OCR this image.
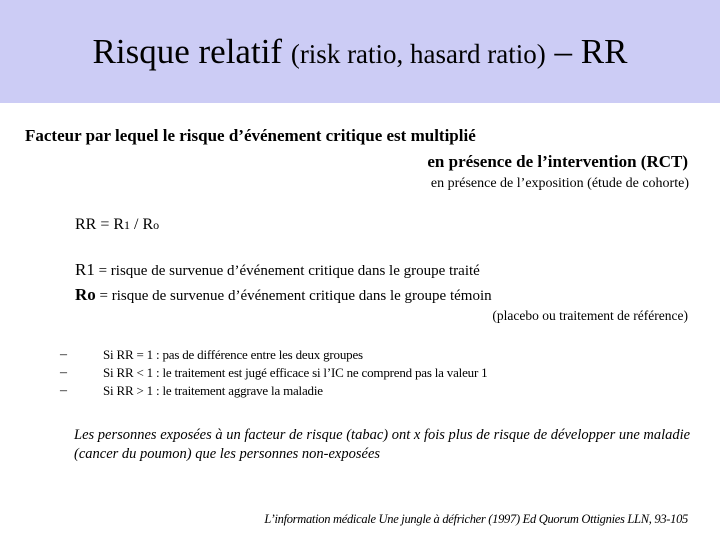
Risque relatif (risk ratio, hasard ratio) – RR
Facteur par lequel le risque d’événement critique est multiplié
en présence de l’intervention (RCT)
en présence de l’exposition (étude de cohorte)
RR = R1 / Ro
R1 = risque de survenue d’événement critique dans le groupe traité
Ro = risque de survenue d’événement critique dans le groupe témoin
(placebo ou traitement de référence)
–	Si RR = 1 : pas de différence entre les deux groupes
–	Si RR < 1 : le traitement est jugé efficace si l’IC ne comprend pas la valeur 1
–	Si RR > 1 : le traitement aggrave la maladie
Les personnes exposées à un facteur de risque (tabac) ont x fois plus de risque de développer une maladie (cancer du poumon) que les personnes non-exposées
L’information médicale Une jungle à défricher (1997) Ed Quorum Ottignies LLN, 93-105
